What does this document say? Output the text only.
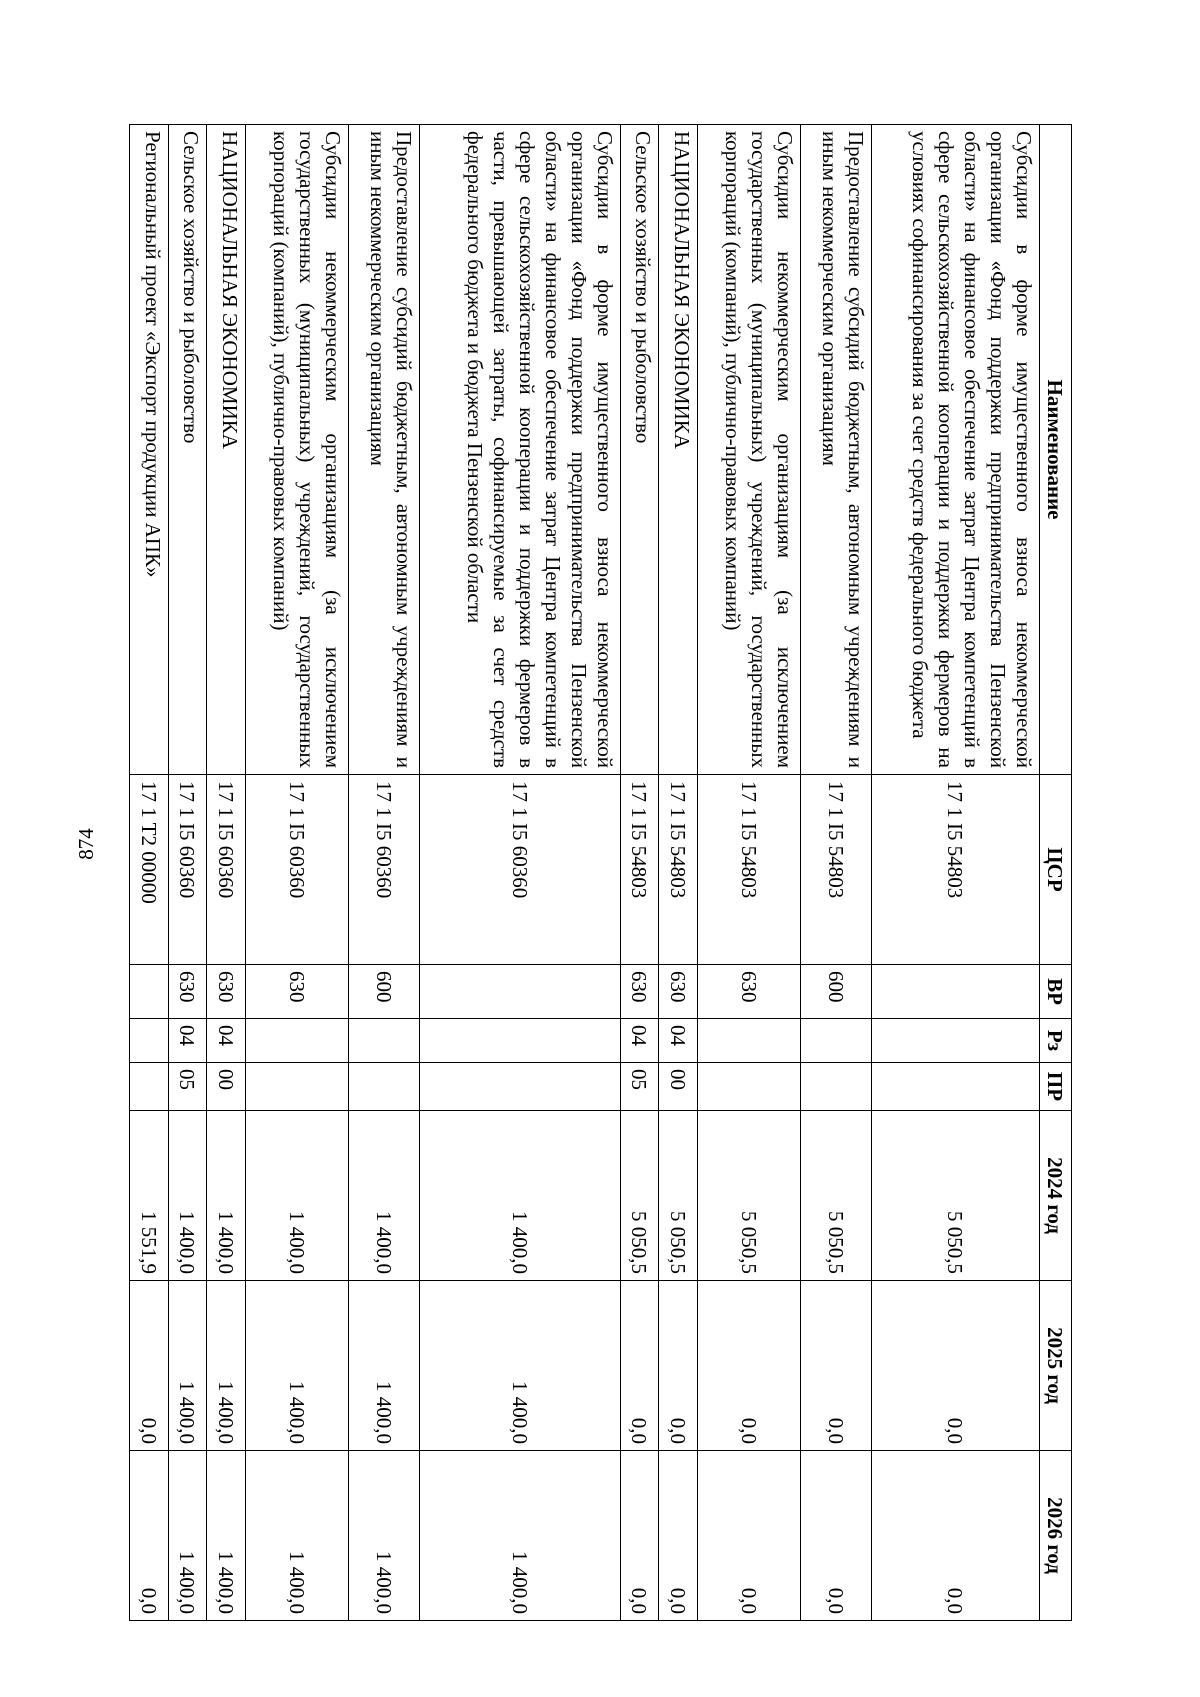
874
Наименование	ЦСР	ВР	Рз	ПР	2024 год	2025 год	2026 год
Субсидии в форме имущественного взноса некоммерческой организации «Фонд поддержки предпринимательства Пензенской области» на финансовое обеспечение затрат Центра компетенций в сфере сельскохозяйственной кооперации и поддержки фермеров на условиях софинансирования за счет средств федерального бюджета	17 1 I5 54803				5 050,5	0,0	0,0
Предоставление субсидий бюджетным, автономным учреждениям и иным некоммерческим организациям	17 1 I5 54803	600			5 050,5	0,0	0,0
Субсидии некоммерческим организациям (за исключением государственных (муниципальных) учреждений, государственных корпораций (компаний), публично-правовых компаний)	17 1 I5 54803	630			5 050,5	0,0	0,0
НАЦИОНАЛЬНАЯ ЭКОНОМИКА	17 1 I5 54803	630	04	00	5 050,5	0,0	0,0
Сельское хозяйство и рыболовство	17 1 I5 54803	630	04	05	5 050,5	0,0	0,0
Субсидии в форме имущественного взноса некоммерческой организации «Фонд поддержки предпринимательства Пензенской области» на финансовое обеспечение затрат Центра компетенций в сфере сельскохозяйственной кооперации и поддержки фермеров в части, превышающей затраты, софинансируемые за счет средств федерального бюджета и бюджета Пензенской области	17 1 I5 60360				1 400,0	1 400,0	1 400,0
Предоставление субсидий бюджетным, автономным учреждениям и иным некоммерческим организациям	17 1 I5 60360	600			1 400,0	1 400,0	1 400,0
Субсидии некоммерческим организациям (за исключением государственных (муниципальных) учреждений, государственных корпораций (компаний), публично-правовых компаний)	17 1 I5 60360	630			1 400,0	1 400,0	1 400,0
НАЦИОНАЛЬНАЯ ЭКОНОМИКА	17 1 I5 60360	630	04	00	1 400,0	1 400,0	1 400,0
Сельское хозяйство и рыболовство	17 1 I5 60360	630	04	05	1 400,0	1 400,0	1 400,0
Региональный проект «Экспорт продукции АПК»	17 1 T2 00000				1 551,9	0,0	0,0
